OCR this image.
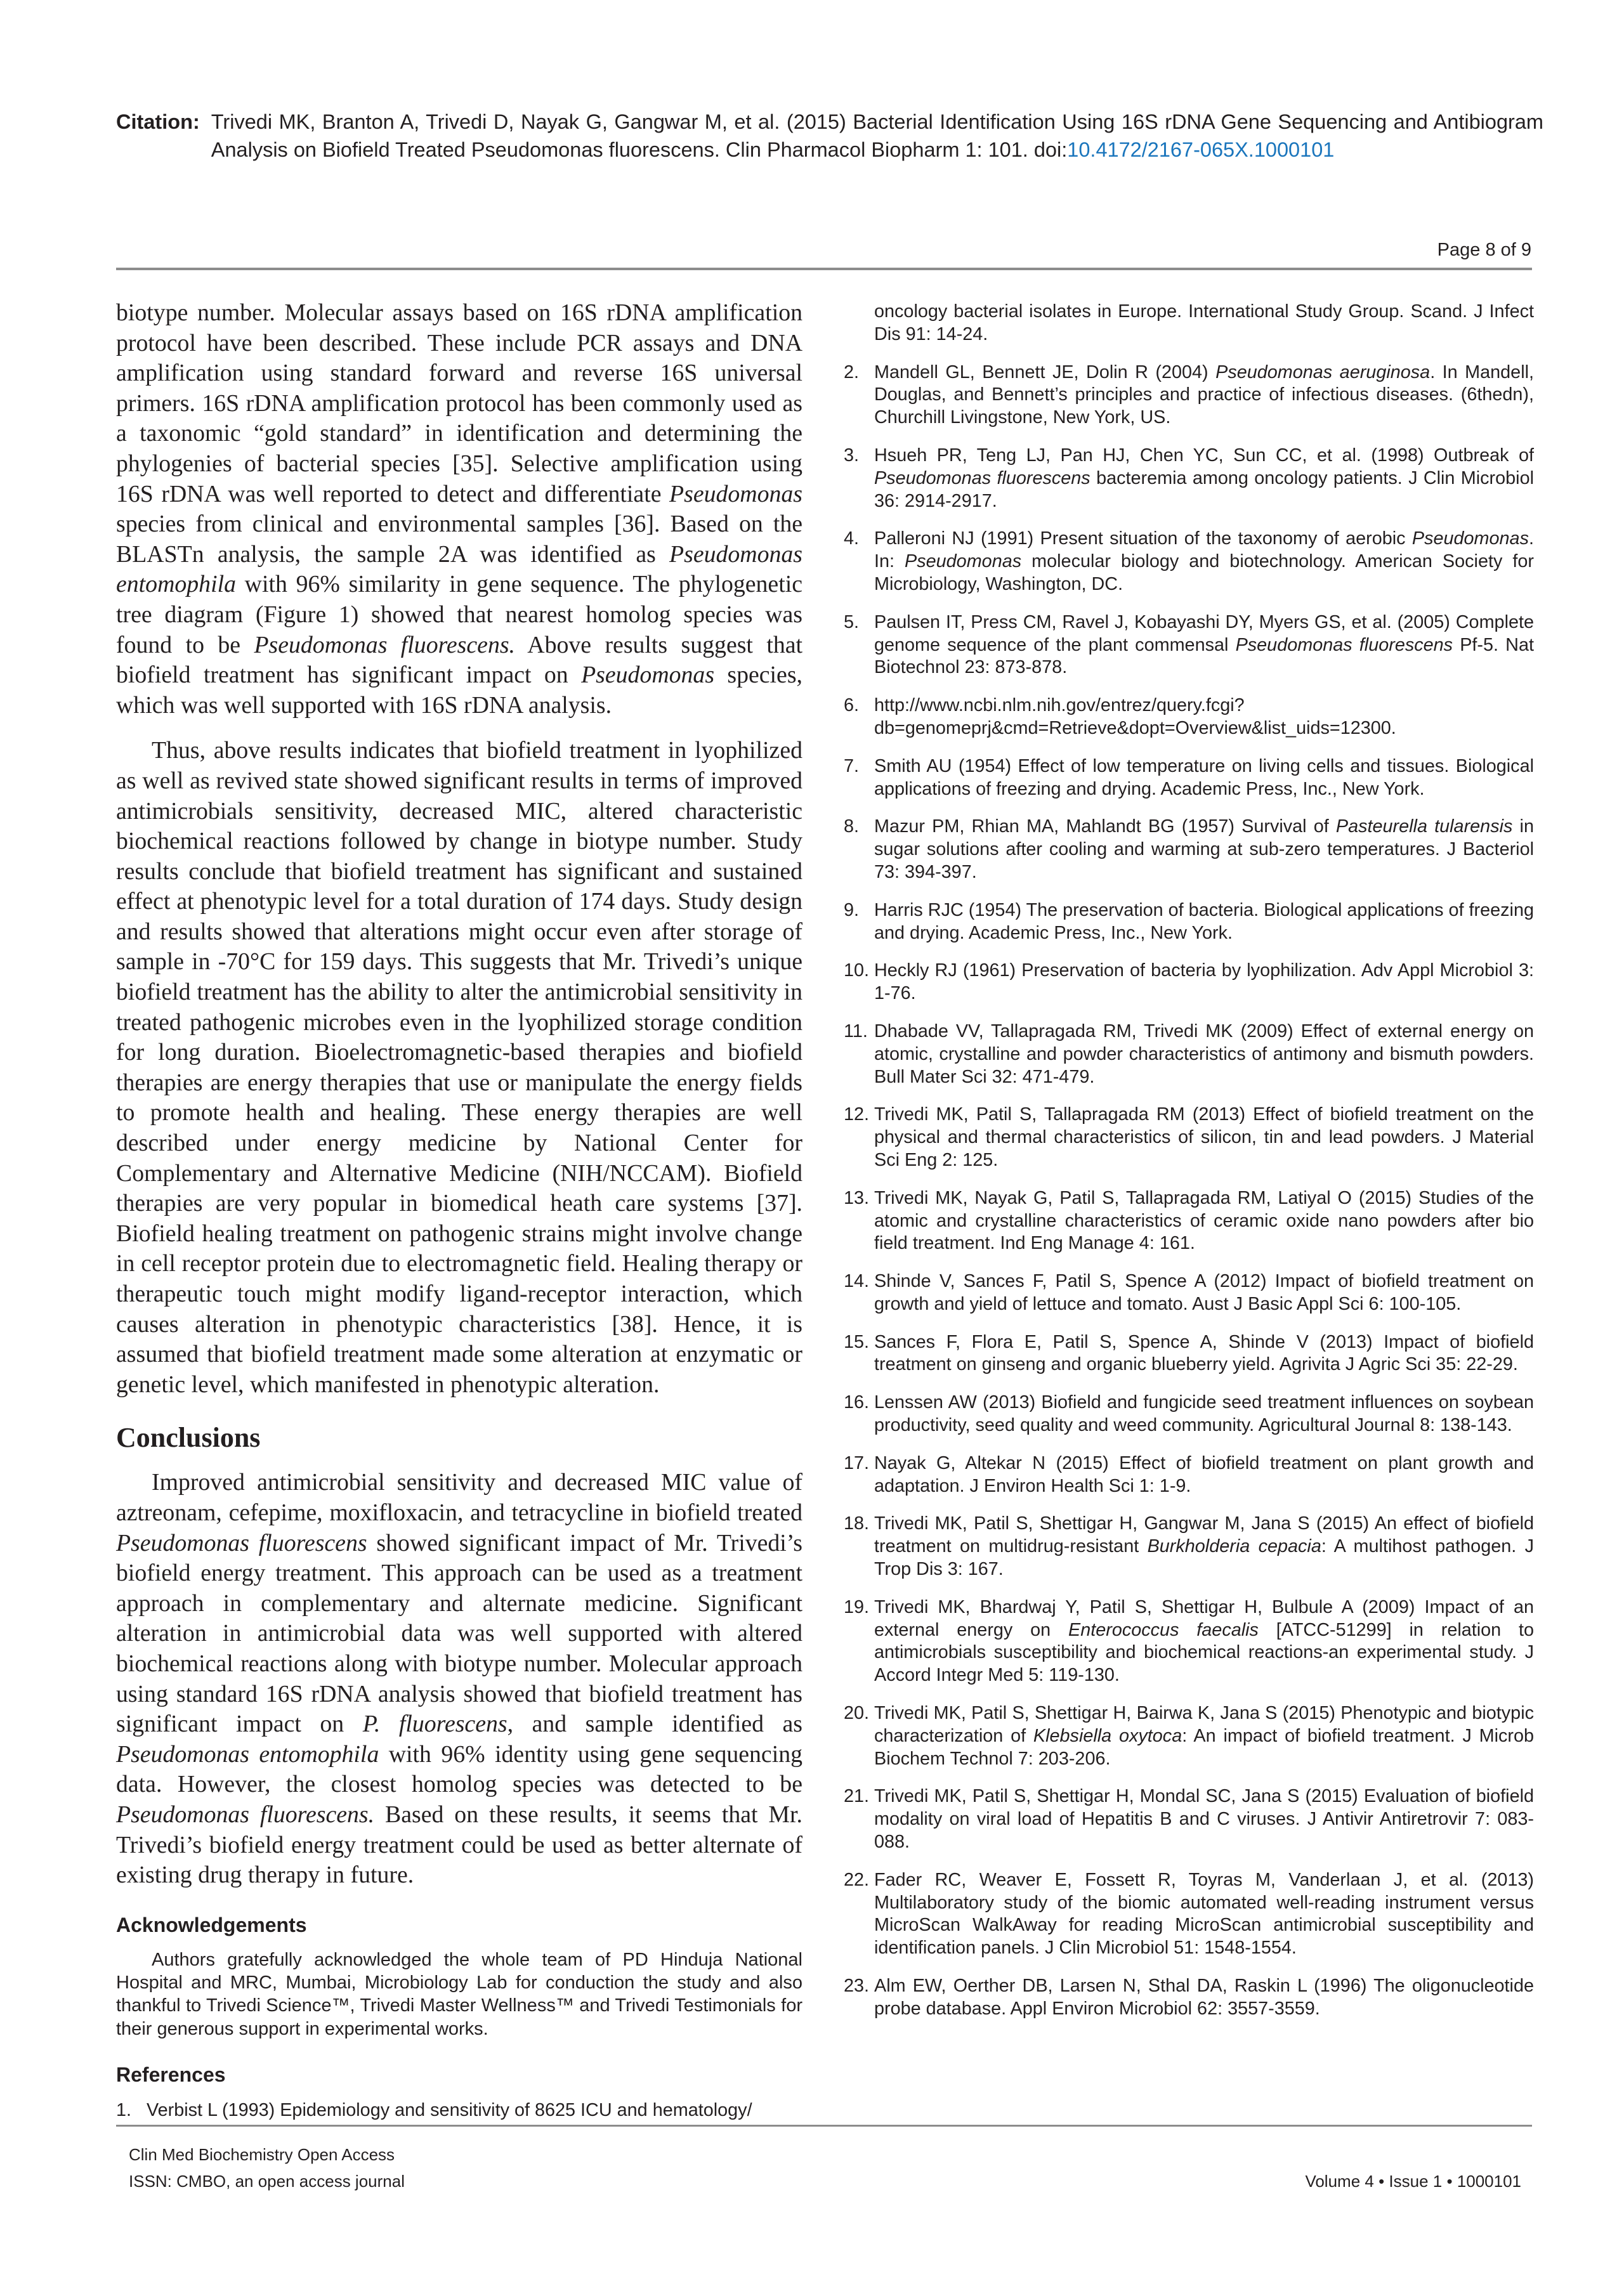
Citation: Trivedi MK, Branton A, Trivedi D, Nayak G, Gangwar M, et al. (2015) Bacterial Identification Using 16S rDNA Gene Sequencing and Antibiogram Analysis on Biofield Treated Pseudomonas fluorescens. Clin Pharmacol Biopharm 1: 101. doi:10.4172/2167-065X.1000101
Page 8 of 9

biotype number. Molecular assays based on 16S rDNA amplification protocol have been described. These include PCR assays and DNA amplification using standard forward and reverse 16S universal primers. 16S rDNA amplification protocol has been commonly used as a taxonomic “gold standard” in identification and determining the phylogenies of bacterial species [35]. Selective amplification using 16S rDNA was well reported to detect and differentiate Pseudomonas species from clinical and environmental samples [36]. Based on the BLASTn analysis, the sample 2A was identified as Pseudomonas entomophila with 96% similarity in gene sequence. The phylogenetic tree diagram (Figure 1) showed that nearest homolog species was found to be Pseudomonas fluorescens. Above results suggest that biofield treatment has significant impact on Pseudomonas species, which was well supported with 16S rDNA analysis.

Thus, above results indicates that biofield treatment in lyophilized as well as revived state showed significant results in terms of improved antimicrobials sensitivity, decreased MIC, altered characteristic biochemical reactions followed by change in biotype number. Study results conclude that biofield treatment has significant and sustained effect at phenotypic level for a total duration of 174 days. Study design and results showed that alterations might occur even after storage of sample in -70°C for 159 days. This suggests that Mr. Trivedi’s unique biofield treatment has the ability to alter the antimicrobial sensitivity in treated pathogenic microbes even in the lyophilized storage condition for long duration. Bioelectromagnetic-based therapies and biofield therapies are energy therapies that use or manipulate the energy fields to promote health and healing. These energy therapies are well described under energy medicine by National Center for Complementary and Alternative Medicine (NIH/NCCAM). Biofield therapies are very popular in biomedical heath care systems [37]. Biofield healing treatment on pathogenic strains might involve change in cell receptor protein due to electromagnetic field. Healing therapy or therapeutic touch might modify ligand-receptor interaction, which causes alteration in phenotypic characteristics [38]. Hence, it is assumed that biofield treatment made some alteration at enzymatic or genetic level, which manifested in phenotypic alteration.

Conclusions

Improved antimicrobial sensitivity and decreased MIC value of aztreonam, cefepime, moxifloxacin, and tetracycline in biofield treated Pseudomonas fluorescens showed significant impact of Mr. Trivedi’s biofield energy treatment. This approach can be used as a treatment approach in complementary and alternate medicine. Significant alteration in antimicrobial data was well supported with altered biochemical reactions along with biotype number. Molecular approach using standard 16S rDNA analysis showed that biofield treatment has significant impact on P. fluorescens, and sample identified as Pseudomonas entomophila with 96% identity using gene sequencing data. However, the closest homolog species was detected to be Pseudomonas fluorescens. Based on these results, it seems that Mr. Trivedi’s biofield energy treatment could be used as better alternate of existing drug therapy in future.

Acknowledgements

Authors gratefully acknowledged the whole team of PD Hinduja National Hospital and MRC, Mumbai, Microbiology Lab for conduction the study and also thankful to Trivedi Science™, Trivedi Master Wellness™ and Trivedi Testimonials for their generous support in experimental works.

References
1. Verbist L (1993) Epidemiology and sensitivity of 8625 ICU and hematology/

oncology bacterial isolates in Europe. International Study Group. Scand. J Infect Dis 91: 14-24.

2. Mandell GL, Bennett JE, Dolin R (2004) Pseudomonas aeruginosa. In Mandell, Douglas, and Bennett’s principles and practice of infectious diseases. (6thedn), Churchill Livingstone, New York, US.
3. Hsueh PR, Teng LJ, Pan HJ, Chen YC, Sun CC, et al. (1998) Outbreak of Pseudomonas fluorescens bacteremia among oncology patients. J Clin Microbiol 36: 2914-2917.
4. Palleroni NJ (1991) Present situation of the taxonomy of aerobic Pseudomonas. In: Pseudomonas molecular biology and biotechnology. American Society for Microbiology, Washington, DC.
5. Paulsen IT, Press CM, Ravel J, Kobayashi DY, Myers GS, et al. (2005) Complete genome sequence of the plant commensal Pseudomonas fluorescens Pf-5. Nat Biotechnol 23: 873-878.
6. http://www.ncbi.nlm.nih.gov/entrez/query.fcgi?db=genomeprj&cmd=Retrieve&dopt=Overview&list_uids=12300.
7. Smith AU (1954) Effect of low temperature on living cells and tissues. Biological applications of freezing and drying. Academic Press, Inc., New York.
8. Mazur PM, Rhian MA, Mahlandt BG (1957) Survival of Pasteurella tularensis in sugar solutions after cooling and warming at sub-zero temperatures. J Bacteriol 73: 394-397.
9. Harris RJC (1954) The preservation of bacteria. Biological applications of freezing and drying. Academic Press, Inc., New York.
10. Heckly RJ (1961) Preservation of bacteria by lyophilization. Adv Appl Microbiol 3: 1-76.
11. Dhabade VV, Tallapragada RM, Trivedi MK (2009) Effect of external energy on atomic, crystalline and powder characteristics of antimony and bismuth powders. Bull Mater Sci 32: 471-479.
12. Trivedi MK, Patil S, Tallapragada RM (2013) Effect of biofield treatment on the physical and thermal characteristics of silicon, tin and lead powders. J Material Sci Eng 2: 125.
13. Trivedi MK, Nayak G, Patil S, Tallapragada RM, Latiyal O (2015) Studies of the atomic and crystalline characteristics of ceramic oxide nano powders after bio field treatment. Ind Eng Manage 4: 161.
14. Shinde V, Sances F, Patil S, Spence A (2012) Impact of biofield treatment on growth and yield of lettuce and tomato. Aust J Basic Appl Sci 6: 100-105.
15. Sances F, Flora E, Patil S, Spence A, Shinde V (2013) Impact of biofield treatment on ginseng and organic blueberry yield. Agrivita J Agric Sci 35: 22-29.
16. Lenssen AW (2013) Biofield and fungicide seed treatment influences on soybean productivity, seed quality and weed community. Agricultural Journal 8: 138-143.
17. Nayak G, Altekar N (2015) Effect of biofield treatment on plant growth and adaptation. J Environ Health Sci 1: 1-9.
18. Trivedi MK, Patil S, Shettigar H, Gangwar M, Jana S (2015) An effect of biofield treatment on multidrug-resistant Burkholderia cepacia: A multihost pathogen. J Trop Dis 3: 167.
19. Trivedi MK, Bhardwaj Y, Patil S, Shettigar H, Bulbule A (2009) Impact of an external energy on Enterococcus faecalis [ATCC-51299] in relation to antimicrobials susceptibility and biochemical reactions-an experimental study. J Accord Integr Med 5: 119-130.
20. Trivedi MK, Patil S, Shettigar H, Bairwa K, Jana S (2015) Phenotypic and biotypic characterization of Klebsiella oxytoca: An impact of biofield treatment. J Microb Biochem Technol 7: 203-206.
21. Trivedi MK, Patil S, Shettigar H, Mondal SC, Jana S (2015) Evaluation of biofield modality on viral load of Hepatitis B and C viruses. J Antivir Antiretrovir 7: 083-088.
22. Fader RC, Weaver E, Fossett R, Toyras M, Vanderlaan J, et al. (2013) Multilaboratory study of the biomic automated well-reading instrument versus MicroScan WalkAway for reading MicroScan antimicrobial susceptibility and identification panels. J Clin Microbiol 51: 1548-1554.
23. Alm EW, Oerther DB, Larsen N, Sthal DA, Raskin L (1996) The oligonucleotide probe database. Appl Environ Microbiol 62: 3557-3559.
Clin Med Biochemistry Open Access
ISSN: CMBO, an open access journal	Volume 4 • Issue 1 • 1000101
